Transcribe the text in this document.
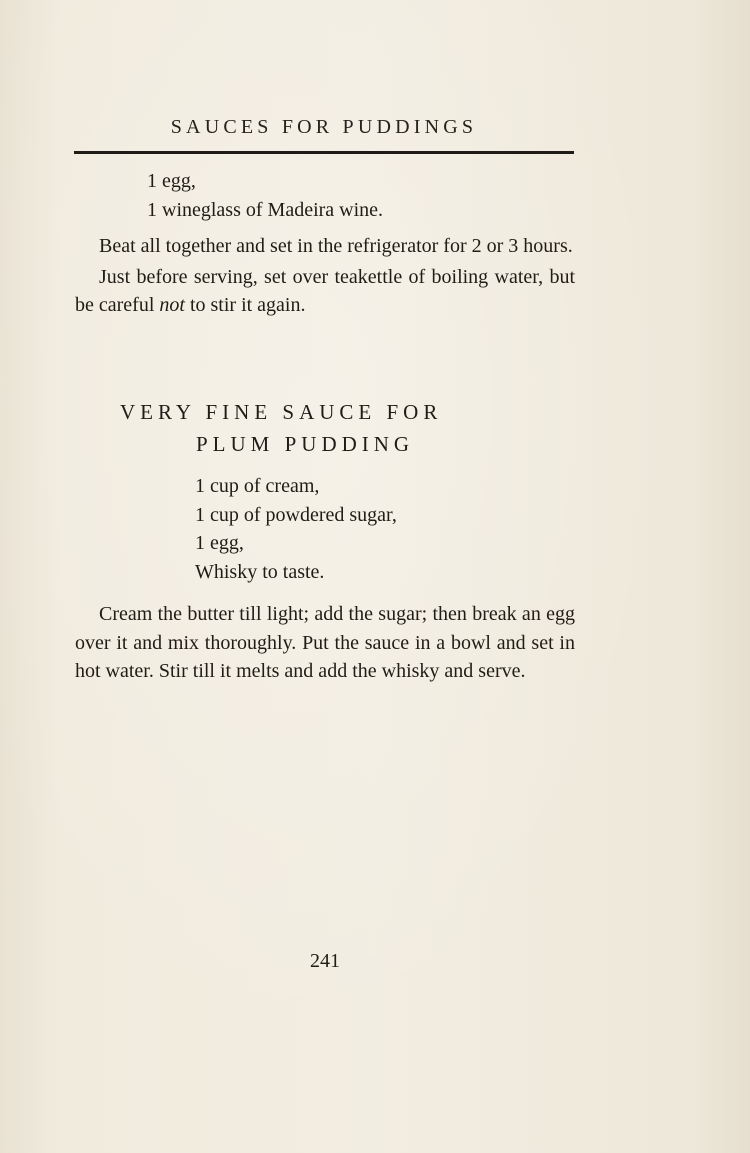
SAUCES FOR PUDDINGS
1 egg,
1 wineglass of Madeira wine.

Beat all together and set in the refrigerator for 2 or 3 hours.

Just before serving, set over teakettle of boiling water, but be careful not to stir it again.

VERY FINE SAUCE FOR
PLUM PUDDING
1 cup of cream,
1 cup of powdered sugar,
1 egg,
Whisky to taste.

Cream the butter till light; add the sugar; then break an egg over it and mix thoroughly. Put the sauce in a bowl and set in hot water. Stir till it melts and add the whisky and serve.

241
